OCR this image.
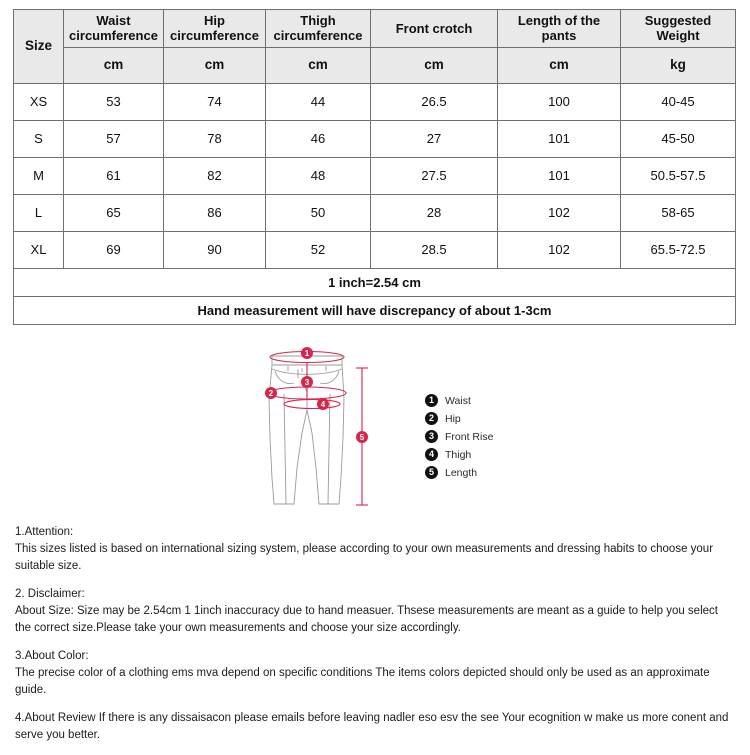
Size	Waist circumference	Hip circumference	Thigh circumference	Front crotch	Length of the pants	Suggested Weight
	cm	cm	cm	cm	cm	kg
XS	53	74	44	26.5	100	40-45
S	57	78	46	27	101	45-50
M	61	82	48	27.5	101	50.5-57.5
L	65	86	50	28	102	58-65
XL	69	90	52	28.5	102	65.5-72.5
1 inch=2.54 cm						
Hand measurement will have discrepancy of about 1-3cm						
1
2
3
4
5
1	Waist
2	Hip
3	Front Rise
4	Thigh
5	Length
1.Attention:
This sizes listed is based on international sizing system, please according to your own measurements and dressing habits to choose your suitable size.
2. Disclaimer:
About Size: Size may be 2.54cm 1 1inch inaccuracy due to hand measuer. Thsese measurements are meant as a guide to help you select the correct size.Please take your own measurements and choose your size accordingly.
3.About Color:
The precise color of a clothing ems mva depend on specific conditions The items colors depicted should only be used as an approximate guide.
4.About Review If there is any dissaisacon please emails before leaving nadler eso esv the see Your ecognition w make us more conent and serve you better.
